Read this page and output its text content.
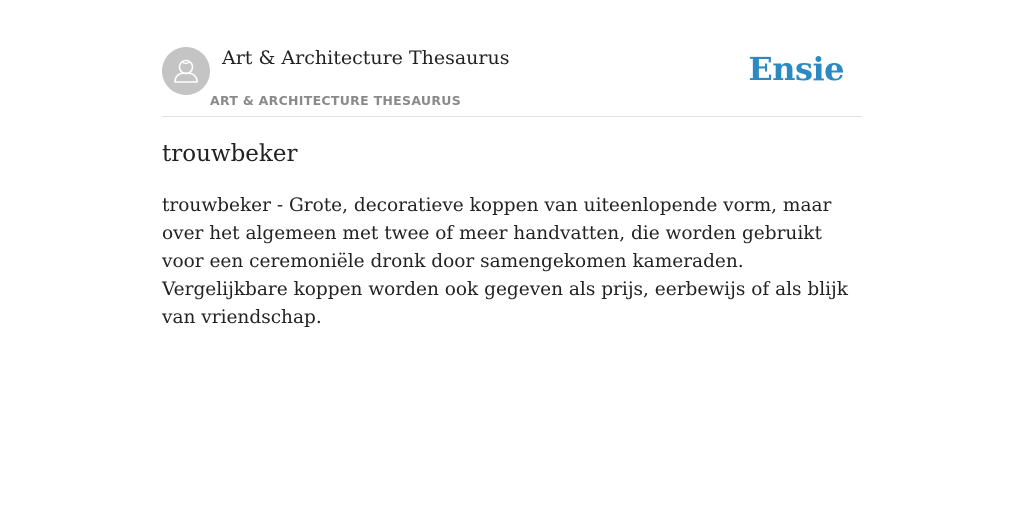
Art & Architecture Thesaurus
ART & ARCHITECTURE THESAURUS
Ensie
trouwbeker

trouwbeker - Grote, decoratieve koppen van uiteenlopende vorm, maar over het algemeen met twee of meer handvatten, die worden gebruikt voor een ceremoniële dronk door samengekomen kameraden. Vergelijkbare koppen worden ook gegeven als prijs, eerbewijs of als blijk van vriendschap.
